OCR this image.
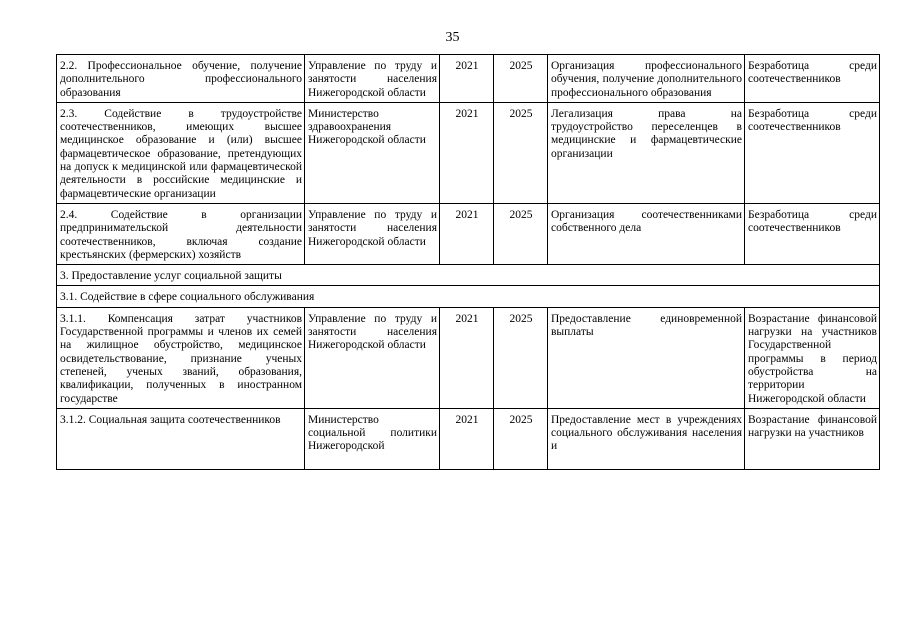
35
2.2. Профессиональное обучение, получение дополнительного профессионального образования	Управление по труду и занятости населения Нижегородской области	2021	2025	Организация профессионального обучения, получение дополнительного профессионального образования	Безработица среди соотечественников
2.3. Содействие в трудоустройстве соотечественников, имеющих высшее медицинское образование и (или) высшее фармацевтическое образование, претендующих на допуск к медицинской или фармацевтической деятельности в российские медицинские и фармацевтические организации	Министерство здравоохранения Нижегородской области	2021	2025	Легализация права на трудоустройство переселенцев в медицинские и фармацевтические организации	Безработица среди соотечественников
2.4. Содействие в организации предпринимательской деятельности соотечественников, включая создание крестьянских (фермерских) хозяйств	Управление по труду и занятости населения Нижегородской области	2021	2025	Организация соотечественниками собственного дела	Безработица среди соотечественников
3. Предоставление услуг социальной защиты					
3.1. Содействие в сфере социального обслуживания					
3.1.1. Компенсация затрат участников Государственной программы и членов их семей на жилищное обустройство, медицинское освидетельствование, признание ученых степеней, ученых званий, образования, квалификации, полученных в иностранном государстве	Управление по труду и занятости населения Нижегородской области	2021	2025	Предоставление единовременной выплаты	Возрастание финансовой нагрузки на участников Государственной программы в период обустройства на территории Нижегородской области

3.1.2. Социальная защита соотечественников	Министерство социальной политики Нижегородской	2021	2025	Предоставление мест в учреждениях социального обслуживания населения и	Возрастание финансовой нагрузки на участников
